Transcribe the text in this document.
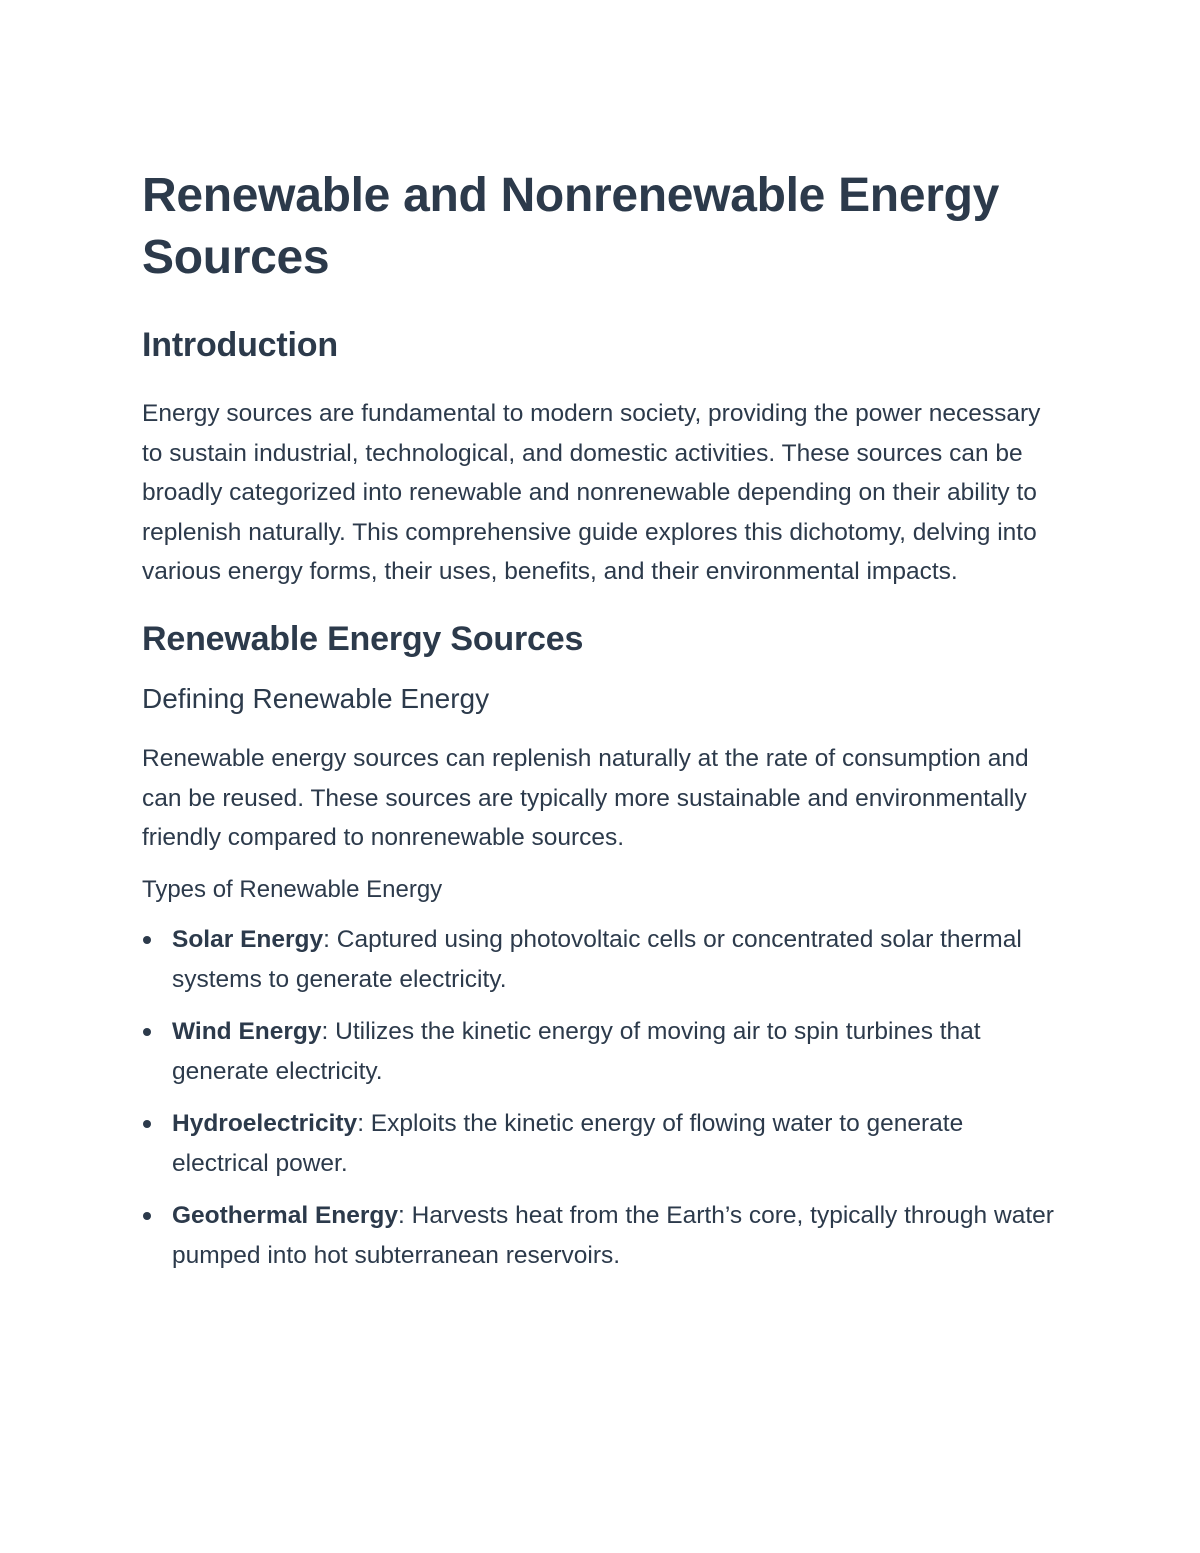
Renewable and Nonrenewable Energy Sources
Introduction

Energy sources are fundamental to modern society, providing the power necessary to sustain industrial, technological, and domestic activities. These sources can be broadly categorized into renewable and nonrenewable depending on their ability to replenish naturally. This comprehensive guide explores this dichotomy, delving into various energy forms, their uses, benefits, and their environmental impacts.

Renewable Energy Sources
Defining Renewable Energy

Renewable energy sources can replenish naturally at the rate of consumption and can be reused. These sources are typically more sustainable and environmentally friendly compared to nonrenewable sources.

Types of Renewable Energy
Solar Energy: Captured using photovoltaic cells or concentrated solar thermal systems to generate electricity.
Wind Energy: Utilizes the kinetic energy of moving air to spin turbines that generate electricity.
Hydroelectricity: Exploits the kinetic energy of flowing water to generate electrical power.
Geothermal Energy: Harvests heat from the Earth’s core, typically through water pumped into hot subterranean reservoirs.
